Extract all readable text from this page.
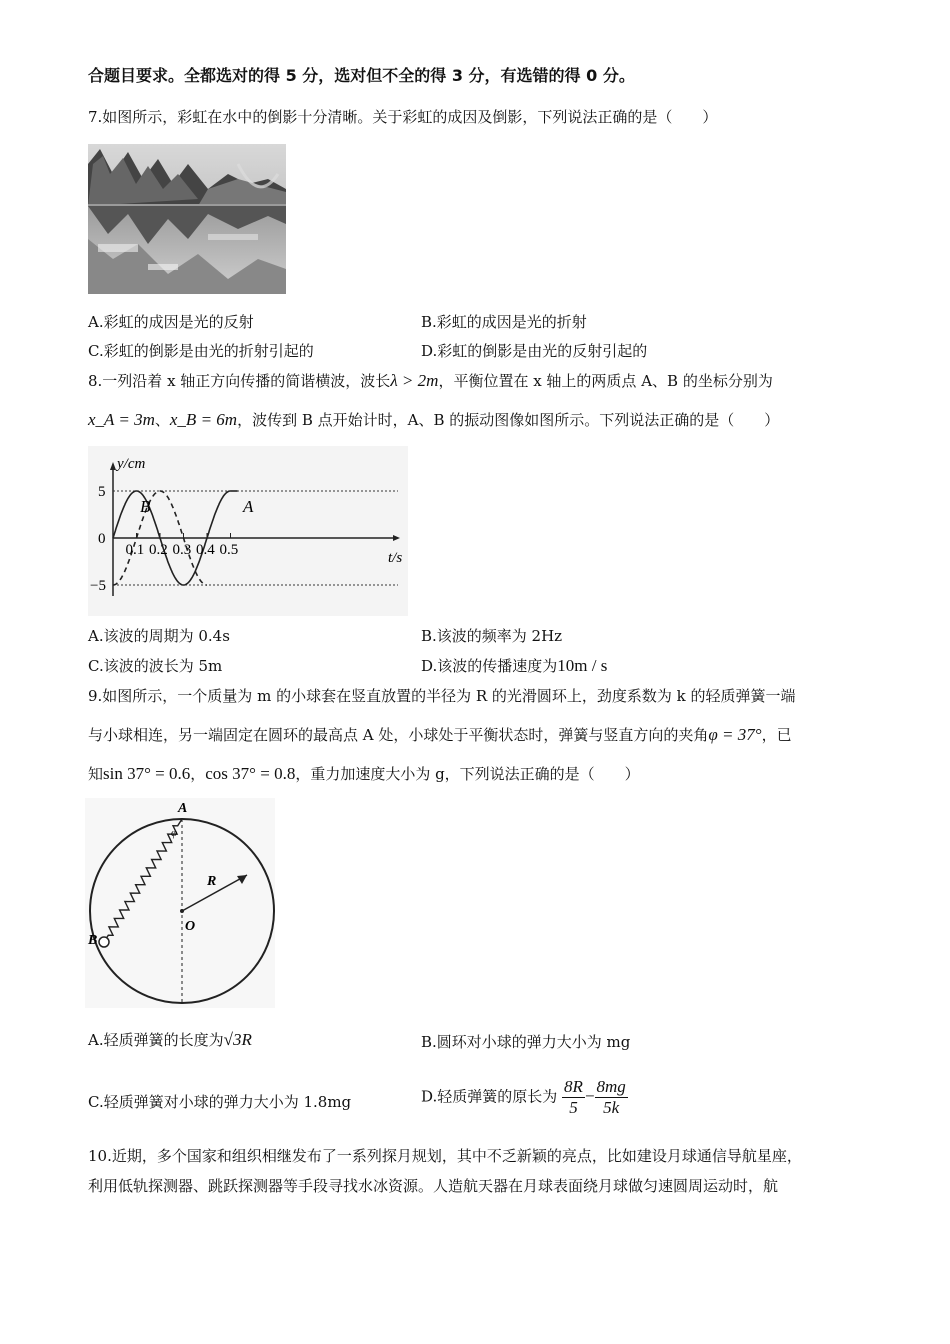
合题目要求。全都选对的得 5 分，选对但不全的得 3 分，有选错的得 0 分。
7.如图所示，彩虹在水中的倒影十分清晰。关于彩虹的成因及倒影，下列说法正确的是（　　）
A.彩虹的成因是光的反射	B.彩虹的成因是光的折射
C.彩虹的倒影是由光的折射引起的	D.彩虹的倒影是由光的反射引起的
8.一列沿着 x 轴正方向传播的简谐横波，波长λ > 2m，平衡位置在 x 轴上的两质点 A、B 的坐标分别为
x_A = 3m、x_B = 6m，波传到 B 点开始计时，A、B 的振动图像如图所示。下列说法正确的是（　　）
y/cm
t/s
5
0
−5
0.1 0.2 0.3 0.4 0.5
B	A
A.该波的周期为 0.4s	B.该波的频率为 2Hz
C.该波的波长为 5m	D.该波的传播速度为10m / s
9.如图所示，一个质量为 m 的小球套在竖直放置的半径为 R 的光滑圆环上，劲度系数为 k 的轻质弹簧一端
与小球相连，另一端固定在圆环的最高点 A 处，小球处于平衡状态时，弹簧与竖直方向的夹角φ = 37°，已
知sin 37° = 0.6，cos 37° = 0.8，重力加速度大小为 g，下列说法正确的是（　　）
A
B
O
R
φ
A.轻质弹簧的长度为√3R	B.圆环对小球的弹力大小为 mg
C.轻质弹簧对小球的弹力大小为 1.8mg	D.轻质弹簧的原长为 $\frac{8R}{5} - \frac{8mg}{5k}$
10.近期，多个国家和组织相继发布了一系列探月规划，其中不乏新颖的亮点，比如建设月球通信导航星座，
利用低轨探测器、跳跃探测器等手段寻找水冰资源。人造航天器在月球表面绕月球做匀速圆周运动时，航
